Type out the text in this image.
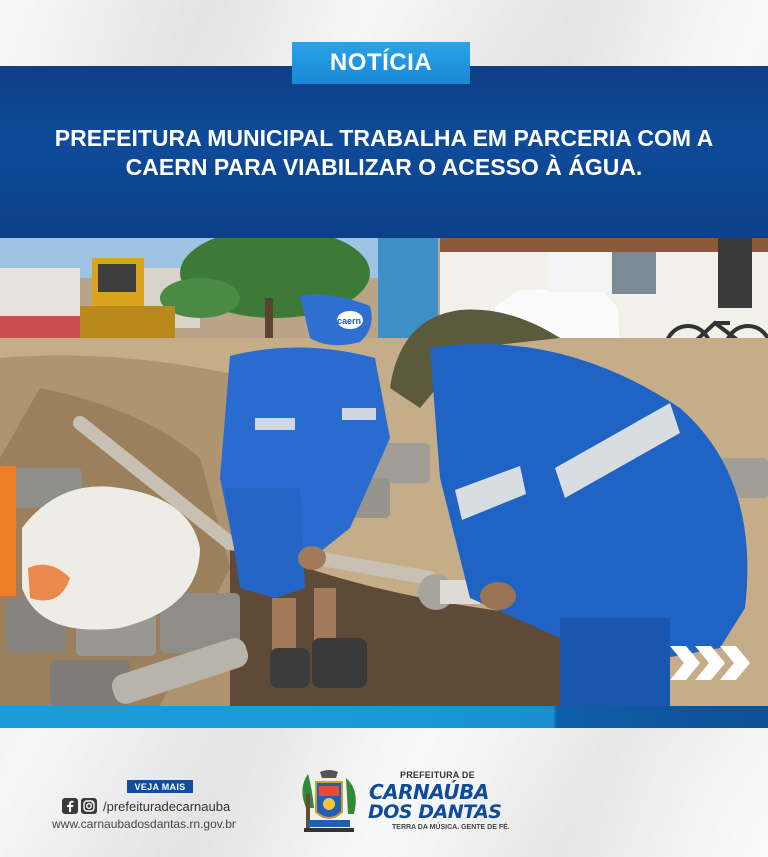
NOTÍCIA
PREFEITURA MUNICIPAL TRABALHA EM PARCERIA COM A
CAERN PARA VIABILIZAR O ACESSO À ÁGUA.
caern
VEJA MAIS
/prefeituradecarnauba
www.carnaubadosdantas.rn.gov.br
PREFEITURA DE
CARNAÚBA
DOS DANTAS
TERRA DA MÚSICA. GENTE DE FÉ.
